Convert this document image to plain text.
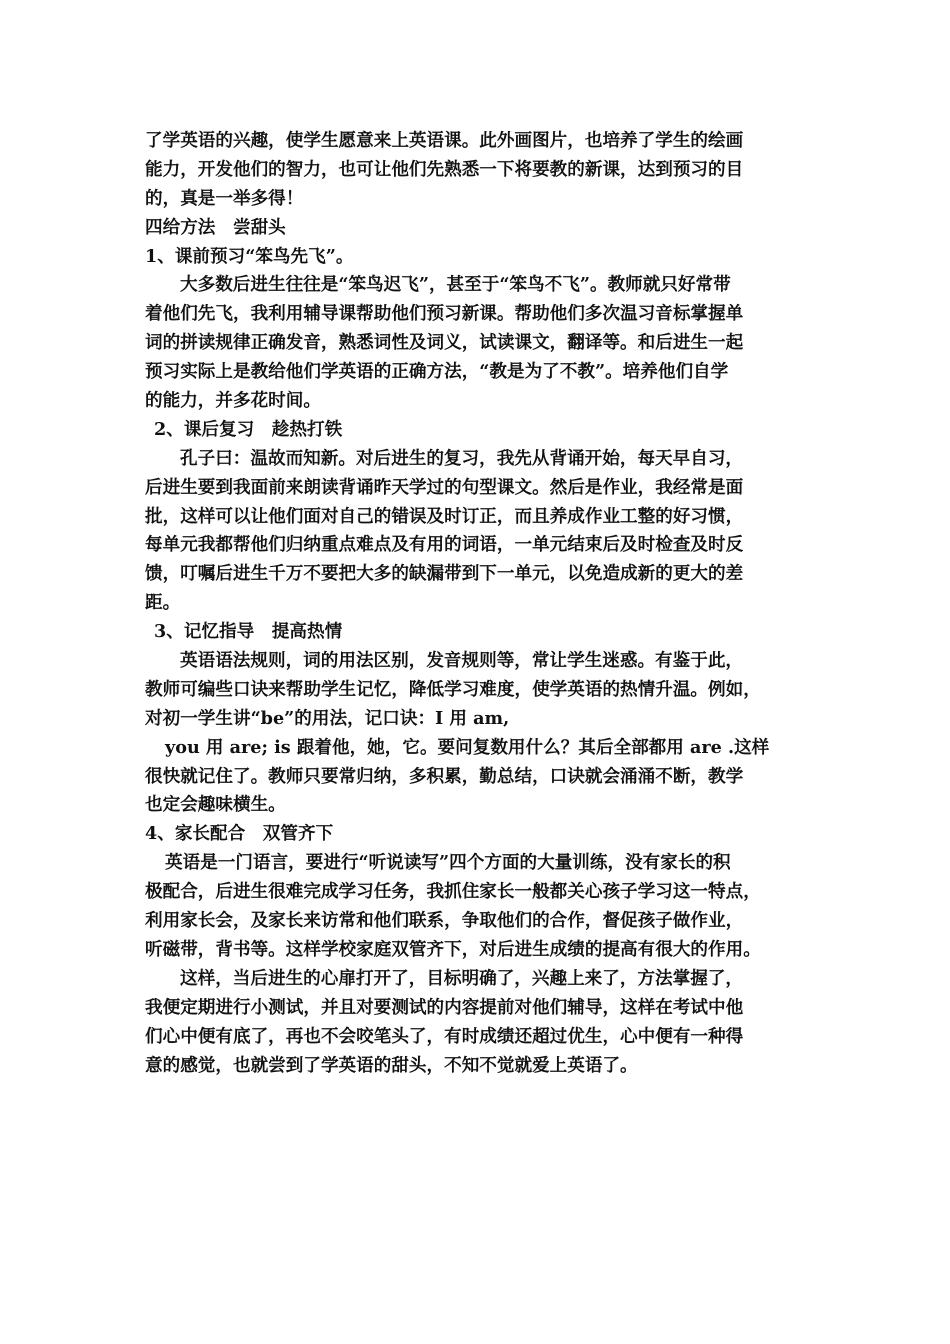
了学英语的兴趣，使学生愿意来上英语课。此外画图片，也培养了学生的绘画
能力，开发他们的智力，也可让他们先熟悉一下将要教的新课，达到预习的目
的，真是一举多得！
四给方法　尝甜头
1、课前预习“笨鸟先飞”。
大多数后进生往往是“笨鸟迟飞”，甚至于“笨鸟不飞”。教师就只好常带
着他们先飞，我利用辅导课帮助他们预习新课。帮助他们多次温习音标掌握单
词的拼读规律正确发音，熟悉词性及词义，试读课文，翻译等。和后进生一起
预习实际上是教给他们学英语的正确方法，“教是为了不教”。培养他们自学
的能力，并多花时间。
2、课后复习　趁热打铁
孔子曰：温故而知新。对后进生的复习，我先从背诵开始，每天早自习，
后进生要到我面前来朗读背诵昨天学过的句型课文。然后是作业，我经常是面
批，这样可以让他们面对自己的错误及时订正，而且养成作业工整的好习惯，
每单元我都帮他们归纳重点难点及有用的词语，一单元结束后及时检查及时反
馈，叮嘱后进生千万不要把大多的缺漏带到下一单元，以免造成新的更大的差
距。
3、记忆指导　提高热情
英语语法规则，词的用法区别，发音规则等，常让学生迷惑。有鉴于此，
教师可编些口诀来帮助学生记忆，降低学习难度，使学英语的热情升温。例如，
对初一学生讲“be”的用法，记口诀：I 用 am,
you 用 are; is 跟着他，她，它。要问复数用什么？其后全部都用 are .这样
很快就记住了。教师只要常归纳，多积累，勤总结，口诀就会涌涌不断，教学
也定会趣味横生。
4、家长配合　双管齐下
英语是一门语言，要进行“听说读写”四个方面的大量训练，没有家长的积
极配合，后进生很难完成学习任务，我抓住家长一般都关心孩子学习这一特点，
利用家长会，及家长来访常和他们联系，争取他们的合作，督促孩子做作业，
听磁带，背书等。这样学校家庭双管齐下，对后进生成绩的提高有很大的作用。
这样，当后进生的心扉打开了，目标明确了，兴趣上来了，方法掌握了，
我便定期进行小测试，并且对要测试的内容提前对他们辅导，这样在考试中他
们心中便有底了，再也不会咬笔头了，有时成绩还超过优生，心中便有一种得
意的感觉，也就尝到了学英语的甜头，不知不觉就爱上英语了。
